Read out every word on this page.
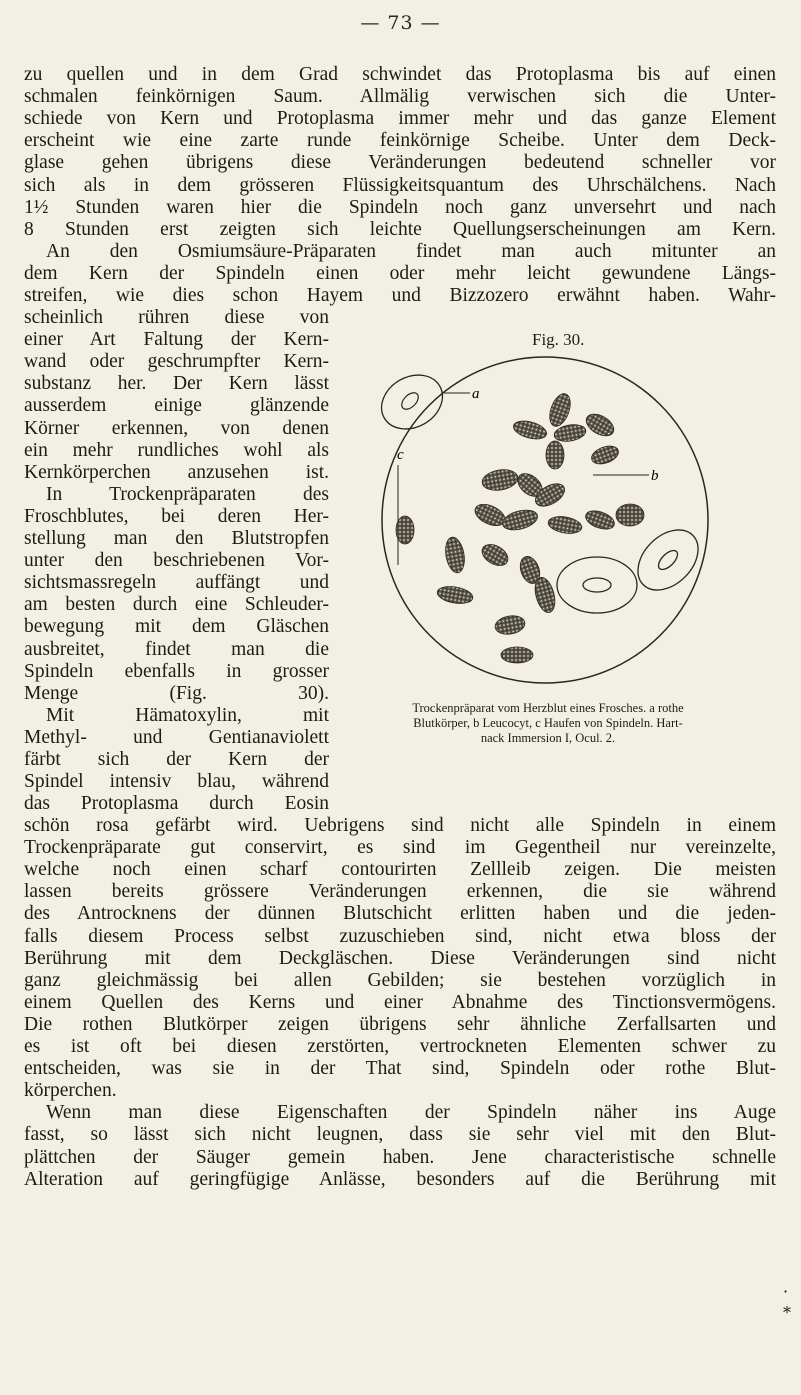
— 73 —
zu quellen und in dem Grad schwindet das Protoplasma bis auf einen
schmalen feinkörnigen Saum. Allmälig verwischen sich die Unter-
schiede von Kern und Protoplasma immer mehr und das ganze Element
erscheint wie eine zarte runde feinkörnige Scheibe. Unter dem Deck-
glase gehen übrigens diese Veränderungen bedeutend schneller vor
sich als in dem grösseren Flüssigkeitsquantum des Uhrschälchens. Nach
1½ Stunden waren hier die Spindeln noch ganz unversehrt und nach
8 Stunden erst zeigten sich leichte Quellungserscheinungen am Kern.
An den Osmiumsäure-Präparaten findet man auch mitunter an
dem Kern der Spindeln einen oder mehr leicht gewundene Längs-
streifen, wie dies schon Hayem und Bizzozero erwähnt haben. Wahr-
scheinlich rühren diese von
einer Art Faltung der Kern-
wand oder geschrumpfter Kern-
substanz her. Der Kern lässt
ausserdem einige glänzende
Körner erkennen, von denen
ein mehr rundliches wohl als
Kernkörperchen anzusehen ist.
In Trockenpräparaten des
Froschblutes, bei deren Her-
stellung man den Blutstropfen
unter den beschriebenen Vor-
sichtsmassregeln auffängt und
am besten durch eine Schleuder-
bewegung mit dem Gläschen
ausbreitet, findet man die
Spindeln ebenfalls in grosser
Menge (Fig. 30).
Mit Hämatoxylin, mit
Methyl- und Gentianaviolett
färbt sich der Kern der
Spindel intensiv blau, während
das Protoplasma durch Eosin
schön rosa gefärbt wird. Uebrigens sind nicht alle Spindeln in einem
Trockenpräparate gut conservirt, es sind im Gegentheil nur vereinzelte,
welche noch einen scharf contourirten Zellleib zeigen. Die meisten
lassen bereits grössere Veränderungen erkennen, die sie während
des Antrocknens der dünnen Blutschicht erlitten haben und die jeden-
falls diesem Process selbst zuzuschieben sind, nicht etwa bloss der
Berührung mit dem Deckgläschen. Diese Veränderungen sind nicht
ganz gleichmässig bei allen Gebilden; sie bestehen vorzüglich in
einem Quellen des Kerns und einer Abnahme des Tinctionsvermögens.
Die rothen Blutkörper zeigen übrigens sehr ähnliche Zerfallsarten und
es ist oft bei diesen zerstörten, vertrockneten Elementen schwer zu
entscheiden, was sie in der That sind, Spindeln oder rothe Blut-
körperchen.
Wenn man diese Eigenschaften der Spindeln näher ins Auge
fasst, so lässt sich nicht leugnen, dass sie sehr viel mit den Blut-
plättchen der Säuger gemein haben. Jene characteristische schnelle
Alteration auf geringfügige Anlässe, besonders auf die Berührung mit
Fig. 30.
a
c
b
Trockenpräparat vom Herzblut eines Frosches. a rothe
Blutkörper, b Leucocyt, c Haufen von Spindeln. Hart-
nack Immersion I, Ocul. 2.
·
*
